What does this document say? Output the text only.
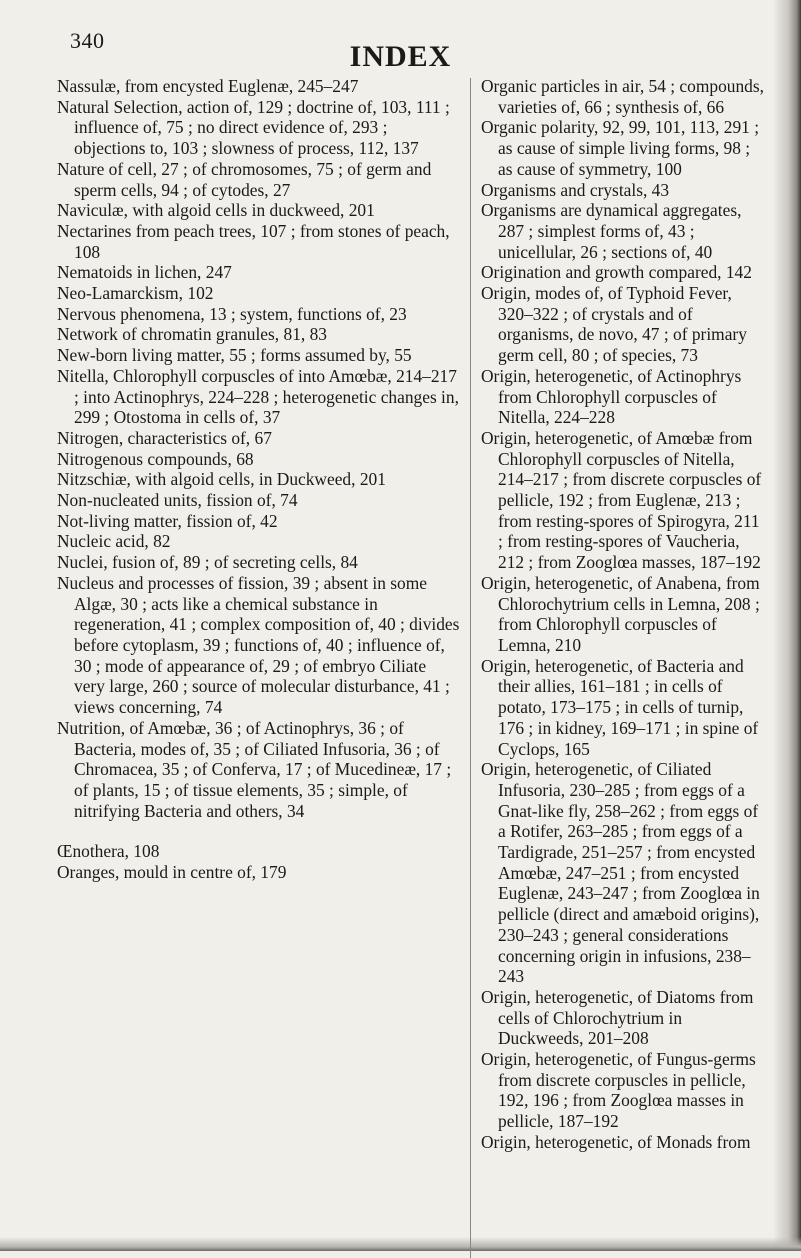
340	INDEX

Nassulæ, from encysted Euglenæ, 245–247

Natural Selection, action of, 129 ; doctrine of, 103, 111 ; influence of, 75 ; no direct evidence of, 293 ; objections to, 103 ; slowness of process, 112, 137

Nature of cell, 27 ; of chromosomes, 75 ; of germ and sperm cells, 94 ; of cytodes, 27

Naviculæ, with algoid cells in duckweed, 201

Nectarines from peach trees, 107 ; from stones of peach, 108

Nematoids in lichen, 247

Neo-Lamarckism, 102

Nervous phenomena, 13 ; system, functions of, 23

Network of chromatin granules, 81, 83

New-born living matter, 55 ; forms assumed by, 55

Nitella, Chlorophyll corpuscles of into Amœbæ, 214–217 ; into Actinophrys, 224–228 ; heterogenetic changes in, 299 ; Otostoma in cells of, 37

Nitrogen, characteristics of, 67

Nitrogenous compounds, 68

Nitzschiæ, with algoid cells, in Duckweed, 201

Non-nucleated units, fission of, 74

Not-living matter, fission of, 42

Nucleic acid, 82

Nuclei, fusion of, 89 ; of secreting cells, 84

Nucleus and processes of fission, 39 ; absent in some Algæ, 30 ; acts like a chemical substance in regeneration, 41 ; complex composition of, 40 ; divides before cytoplasm, 39 ; functions of, 40 ; influence of, 30 ; mode of appearance of, 29 ; of embryo Ciliate very large, 260 ; source of molecular disturbance, 41 ; views concerning, 74

Nutrition, of Amœbæ, 36 ; of Actinophrys, 36 ; of Bacteria, modes of, 35 ; of Ciliated Infusoria, 36 ; of Chromacea, 35 ; of Conferva, 17 ; of Mucedineæ, 17 ; of plants, 15 ; of tissue elements, 35 ; simple, of nitrifying Bacteria and others, 34

Œnothera, 108

Oranges, mould in centre of, 179

Organic particles in air, 54 ; compounds, varieties of, 66 ; synthesis of, 66

Organic polarity, 92, 99, 101, 113, 291 ; as cause of simple living forms, 98 ; as cause of symmetry, 100

Organisms and crystals, 43

Organisms are dynamical aggregates, 287 ; simplest forms of, 43 ; unicellular, 26 ; sections of, 40

Origination and growth compared, 142

Origin, modes of, of Typhoid Fever, 320–322 ; of crystals and of organisms, de novo, 47 ; of primary germ cell, 80 ; of species, 73

Origin, heterogenetic, of Actinophrys from Chlorophyll corpuscles of Nitella, 224–228

Origin, heterogenetic, of Amœbæ from Chlorophyll corpuscles of Nitella, 214–217 ; from discrete corpuscles of pellicle, 192 ; from Euglenæ, 213 ; from resting-spores of Spirogyra, 211 ; from resting-spores of Vaucheria, 212 ; from Zooglœa masses, 187–192

Origin, heterogenetic, of Anabena, from Chlorochytrium cells in Lemna, 208 ; from Chlorophyll corpuscles of Lemna, 210

Origin, heterogenetic, of Bacteria and their allies, 161–181 ; in cells of potato, 173–175 ; in cells of turnip, 176 ; in kidney, 169–171 ; in spine of Cyclops, 165

Origin, heterogenetic, of Ciliated Infusoria, 230–285 ; from eggs of a Gnat-like fly, 258–262 ; from eggs of a Rotifer, 263–285 ; from eggs of a Tardigrade, 251–257 ; from encysted Amœbæ, 247–251 ; from encysted Euglenæ, 243–247 ; from Zooglœa in pellicle (direct and amæboid origins), 230–243 ; general considerations concerning origin in infusions, 238–243

Origin, heterogenetic, of Diatoms from cells of Chlorochytrium in Duckweeds, 201–208

Origin, heterogenetic, of Fungus-germs from discrete corpuscles in pellicle, 192, 196 ; from Zooglœa masses in pellicle, 187–192

Origin, heterogenetic, of Monads from
